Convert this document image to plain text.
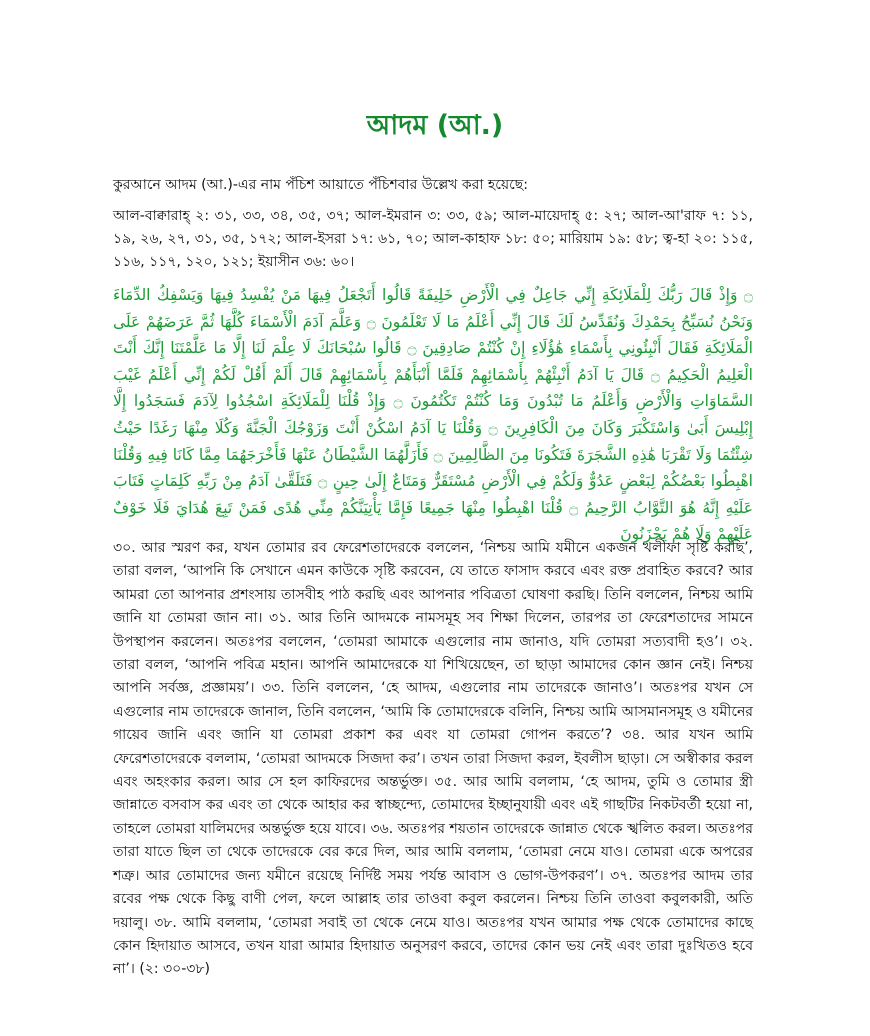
আদম (আ.)
কুরআনে আদম (আ.)-এর নাম পঁচিশ আয়াতে পঁচিশবার উল্লেখ করা হয়েছে:
আল-বাক্বারাহ্ ২: ৩১, ৩৩, ৩৪, ৩৫, ৩৭; আল-ইমরান ৩: ৩৩, ৫৯; আল-মায়েদাহ্ ৫: ২৭; আল-আ'রাফ ৭: ১১, ১৯, ২৬, ২৭, ৩১, ৩৫, ১৭২; আল-ইসরা ১৭: ৬১, ৭০; আল-কাহাফ ১৮: ৫০; মারিয়াম ১৯: ৫৮; ত্ব-হা ২০: ১১৫, ১১৬, ১১৭, ১২০, ১২১; ইয়াসীন ৩৬: ৬০।
۝ وَإِذْ قَالَ رَبُّكَ لِلْمَلَائِكَةِ إِنِّي جَاعِلٌ فِي الْأَرْضِ خَلِيفَةً قَالُوا أَتَجْعَلُ فِيهَا مَنْ يُفْسِدُ فِيهَا وَيَسْفِكُ الدِّمَاءَ وَنَحْنُ نُسَبِّحُ بِحَمْدِكَ وَنُقَدِّسُ لَكَ قَالَ إِنِّي أَعْلَمُ مَا لَا تَعْلَمُونَ ۝ وَعَلَّمَ آدَمَ الْأَسْمَاءَ كُلَّهَا ثُمَّ عَرَضَهُمْ عَلَى الْمَلَائِكَةِ فَقَالَ أَنْبِئُونِي بِأَسْمَاءِ هَٰؤُلَاءِ إِنْ كُنْتُمْ صَادِقِينَ ۝ قَالُوا سُبْحَانَكَ لَا عِلْمَ لَنَا إِلَّا مَا عَلَّمْتَنَا إِنَّكَ أَنْتَ الْعَلِيمُ الْحَكِيمُ ۝ قَالَ يَا آدَمُ أَنْبِئْهُمْ بِأَسْمَائِهِمْ فَلَمَّا أَنْبَأَهُمْ بِأَسْمَائِهِمْ قَالَ أَلَمْ أَقُلْ لَكُمْ إِنِّي أَعْلَمُ غَيْبَ السَّمَاوَاتِ وَالْأَرْضِ وَأَعْلَمُ مَا تُبْدُونَ وَمَا كُنْتُمْ تَكْتُمُونَ ۝ وَإِذْ قُلْنَا لِلْمَلَائِكَةِ اسْجُدُوا لِآدَمَ فَسَجَدُوا إِلَّا إِبْلِيسَ أَبَىٰ وَاسْتَكْبَرَ وَكَانَ مِنَ الْكَافِرِينَ ۝ وَقُلْنَا يَا آدَمُ اسْكُنْ أَنْتَ وَزَوْجُكَ الْجَنَّةَ وَكُلَا مِنْهَا رَغَدًا حَيْثُ شِئْتُمَا وَلَا تَقْرَبَا هَٰذِهِ الشَّجَرَةَ فَتَكُونَا مِنَ الظَّالِمِينَ ۝ فَأَزَلَّهُمَا الشَّيْطَانُ عَنْهَا فَأَخْرَجَهُمَا مِمَّا كَانَا فِيهِ وَقُلْنَا اهْبِطُوا بَعْضُكُمْ لِبَعْضٍ عَدُوٌّ وَلَكُمْ فِي الْأَرْضِ مُسْتَقَرٌّ وَمَتَاعٌ إِلَىٰ حِينٍ ۝ فَتَلَقَّىٰ آدَمُ مِنْ رَبِّهِ كَلِمَاتٍ فَتَابَ عَلَيْهِ إِنَّهُ هُوَ التَّوَّابُ الرَّحِيمُ ۝ قُلْنَا اهْبِطُوا مِنْهَا جَمِيعًا فَإِمَّا يَأْتِيَنَّكُمْ مِنِّي هُدًى فَمَنْ تَبِعَ هُدَايَ فَلَا خَوْفٌ عَلَيْهِمْ وَلَا هُمْ يَحْزَنُونَ
৩০. আর স্মরণ কর, যখন তোমার রব ফেরেশতাদেরকে বললেন, ‘নিশ্চয় আমি যমীনে একজন খলীফা সৃষ্টি করছি’, তারা বলল, ‘আপনি কি সেখানে এমন কাউকে সৃষ্টি করবেন, যে তাতে ফাসাদ করবে এবং রক্ত প্রবাহিত করবে? আর আমরা তো আপনার প্রশংসায় তাসবীহ পাঠ করছি এবং আপনার পবিত্রতা ঘোষণা করছি। তিনি বললেন, নিশ্চয় আমি জানি যা তোমরা জান না। ৩১. আর তিনি আদমকে নামসমূহ সব শিক্ষা দিলেন, তারপর তা ফেরেশতাদের সামনে উপস্থাপন করলেন। অতঃপর বললেন, ‘তোমরা আমাকে এগুলোর নাম জানাও, যদি তোমরা সত্যবাদী হও’। ৩২. তারা বলল, ‘আপনি পবিত্র মহান। আপনি আমাদেরকে যা শিখিয়েছেন, তা ছাড়া আমাদের কোন জ্ঞান নেই। নিশ্চয় আপনি সর্বজ্ঞ, প্রজ্ঞাময়’। ৩৩. তিনি বললেন, ‘হে আদম, এগুলোর নাম তাদেরকে জানাও’। অতঃপর যখন সে এগুলোর নাম তাদেরকে জানাল, তিনি বললেন, ‘আমি কি তোমাদেরকে বলিনি, নিশ্চয় আমি আসমানসমূহ ও যমীনের গায়েব জানি এবং জানি যা তোমরা প্রকাশ কর এবং যা তোমরা গোপন করতে’? ৩৪. আর যখন আমি ফেরেশতাদেরকে বললাম, ‘তোমরা আদমকে সিজদা কর’। তখন তারা সিজদা করল, ইবলীস ছাড়া। সে অস্বীকার করল এবং অহংকার করল। আর সে হল কাফিরদের অন্তর্ভুক্ত। ৩৫. আর আমি বললাম, ‘হে আদম, তুমি ও তোমার স্ত্রী জান্নাতে বসবাস কর এবং তা থেকে আহার কর স্বাচ্ছন্দ্যে, তোমাদের ইচ্ছানুযায়ী এবং এই গাছটির নিকটবর্তী হয়ো না, তাহলে তোমরা যালিমদের অন্তর্ভুক্ত হয়ে যাবে। ৩৬. অতঃপর শয়তান তাদেরকে জান্নাত থেকে স্খলিত করল। অতঃপর তারা যাতে ছিল তা থেকে তাদেরকে বের করে দিল, আর আমি বললাম, ‘তোমরা নেমে যাও। তোমরা একে অপরের শত্রু। আর তোমাদের জন্য যমীনে রয়েছে নির্দিষ্ট সময় পর্যন্ত আবাস ও ভোগ-উপকরণ’। ৩৭. অতঃপর আদম তার রবের পক্ষ থেকে কিছু বাণী পেল, ফলে আল্লাহ তার তাওবা কবুল করলেন। নিশ্চয় তিনি তাওবা কবুলকারী, অতি দয়ালু। ৩৮. আমি বললাম, ‘তোমরা সবাই তা থেকে নেমে যাও। অতঃপর যখন আমার পক্ষ থেকে তোমাদের কাছে কোন হিদায়াত আসবে, তখন যারা আমার হিদায়াত অনুসরণ করবে, তাদের কোন ভয় নেই এবং তারা দুঃখিতও হবে না’। (২: ৩০-৩৮)
